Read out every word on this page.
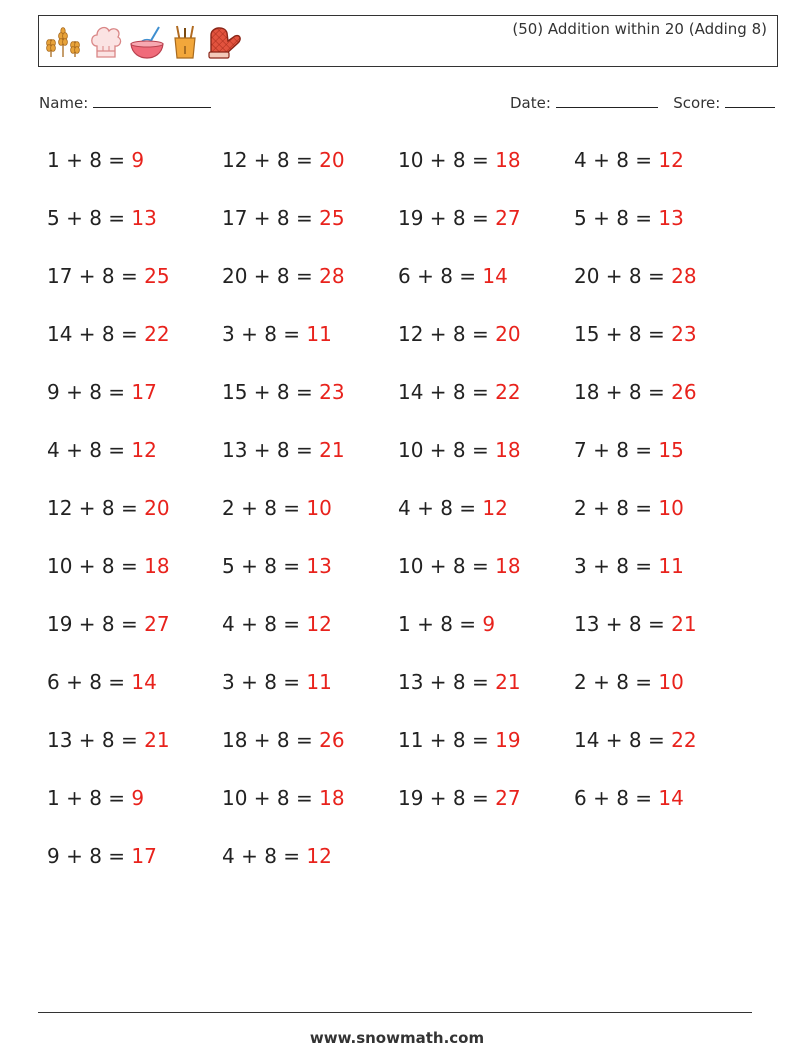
(50) Addition within 20 (Adding 8)
Name:	Date:	Score:
1 + 8 = 9	12 + 8 = 20	10 + 8 = 18	4 + 8 = 12
5 + 8 = 13	17 + 8 = 25	19 + 8 = 27	5 + 8 = 13
17 + 8 = 25	20 + 8 = 28	6 + 8 = 14	20 + 8 = 28
14 + 8 = 22	3 + 8 = 11	12 + 8 = 20	15 + 8 = 23
9 + 8 = 17	15 + 8 = 23	14 + 8 = 22	18 + 8 = 26
4 + 8 = 12	13 + 8 = 21	10 + 8 = 18	7 + 8 = 15
12 + 8 = 20	2 + 8 = 10	4 + 8 = 12	2 + 8 = 10
10 + 8 = 18	5 + 8 = 13	10 + 8 = 18	3 + 8 = 11
19 + 8 = 27	4 + 8 = 12	1 + 8 = 9	13 + 8 = 21
6 + 8 = 14	3 + 8 = 11	13 + 8 = 21	2 + 8 = 10
13 + 8 = 21	18 + 8 = 26	11 + 8 = 19	14 + 8 = 22
1 + 8 = 9	10 + 8 = 18	19 + 8 = 27	6 + 8 = 14
9 + 8 = 17	4 + 8 = 12
www.snowmath.com
